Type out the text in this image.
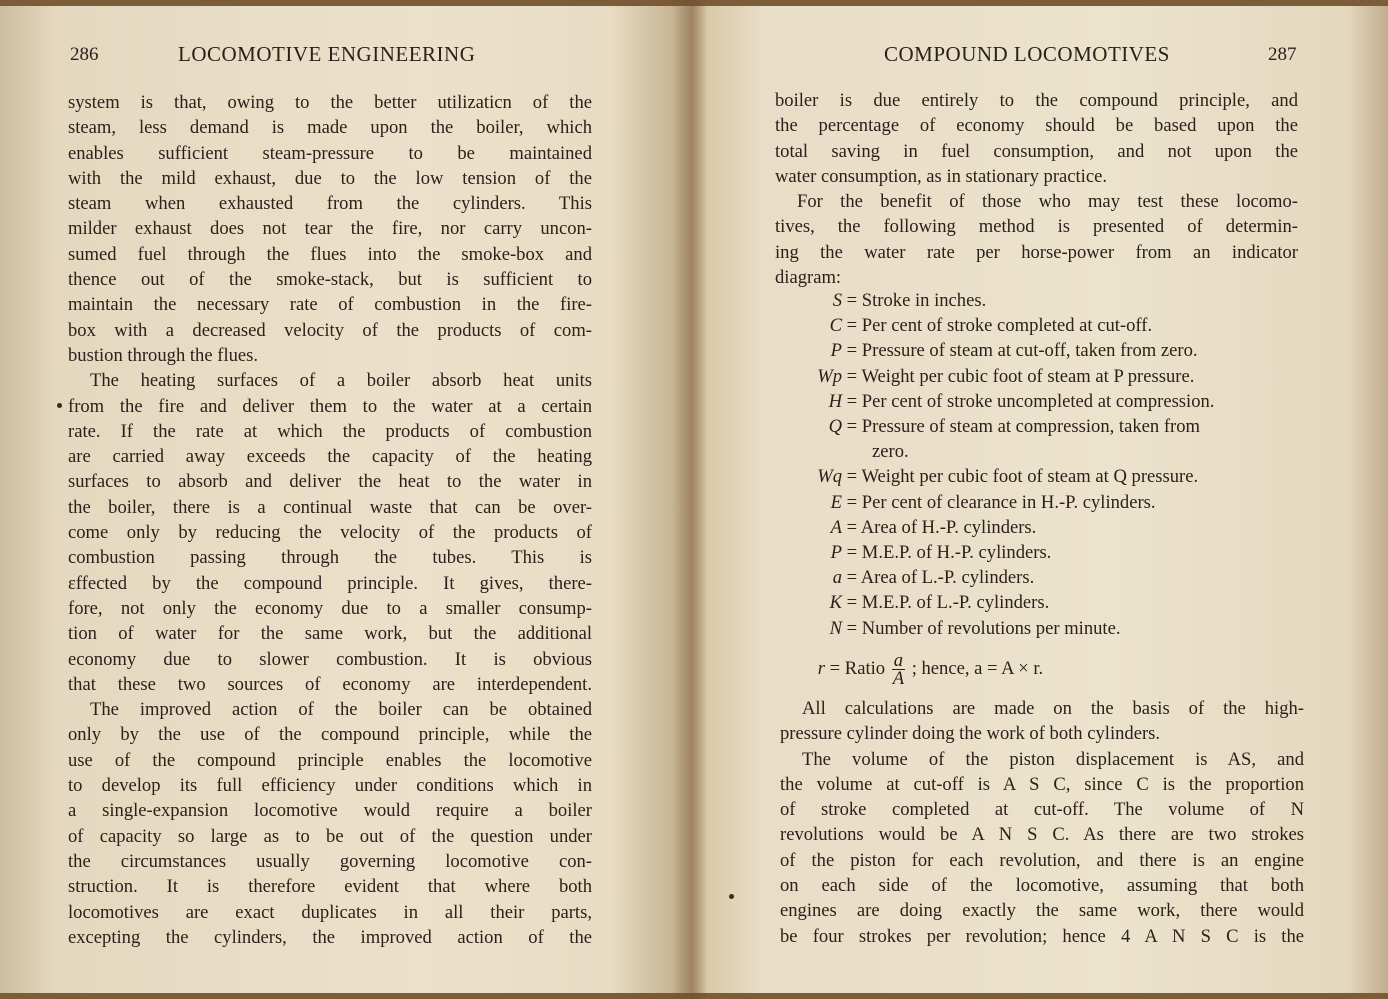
286	LOCOMOTIVE ENGINEERING
system is that, owing to the better utilizaticn of the
steam, less demand is made upon the boiler, which
enables sufficient steam-pressure to be maintained
with the mild exhaust, due to the low tension of the
steam when exhausted from the cylinders. This
milder exhaust does not tear the fire, nor carry uncon-
sumed fuel through the flues into the smoke-box and
thence out of the smoke-stack, but is sufficient to
maintain the necessary rate of combustion in the fire-
box with a decreased velocity of the products of com-
bustion through the flues.
The heating surfaces of a boiler absorb heat units
from the fire and deliver them to the water at a certain
rate. If the rate at which the products of combustion
are carried away exceeds the capacity of the heating
surfaces to absorb and deliver the heat to the water in
the boiler, there is a continual waste that can be over-
come only by reducing the velocity of the products of
combustion passing through the tubes. This is
ɛffected by the compound principle. It gives, there-
fore, not only the economy due to a smaller consump-
tion of water for the same work, but the additional
economy due to slower combustion. It is obvious
that these two sources of economy are interdependent.
The improved action of the boiler can be obtained
only by the use of the compound principle, while the
use of the compound principle enables the locomotive
to develop its full efficiency under conditions which in
a single-expansion locomotive would require a boiler
of capacity so large as to be out of the question under
the circumstances usually governing locomotive con-
struction. It is therefore evident that where both
locomotives are exact duplicates in all their parts,
excepting the cylinders, the improved action of the
COMPOUND LOCOMOTIVES	287
boiler is due entirely to the compound principle, and
the percentage of economy should be based upon the
total saving in fuel consumption, and not upon the
water consumption, as in stationary practice.
For the benefit of those who may test these locomo-
tives, the following method is presented of determin-
ing the water rate per horse-power from an indicator
diagram:
S = Stroke in inches.
C = Per cent of stroke completed at cut-off.
P = Pressure of steam at cut-off, taken from zero.
Wp = Weight per cubic foot of steam at P pressure.
H = Per cent of stroke uncompleted at compression.
Q = Pressure of steam at compression, taken from
zero.
Wq = Weight per cubic foot of steam at Q pressure.
E = Per cent of clearance in H.-P. cylinders.
A = Area of H.-P. cylinders.
P = M.E.P. of H.-P. cylinders.
a = Area of L.-P. cylinders.
K = M.E.P. of L.-P. cylinders.
N = Number of revolutions per minute.
r = Ratio $\frac{a}{A}$ ; hence, a = A × r.
All calculations are made on the basis of the high-
pressure cylinder doing the work of both cylinders.
The volume of the piston displacement is AS, and
the volume at cut-off is A S C, since C is the proportion
of stroke completed at cut-off. The volume of N
revolutions would be A N S C. As there are two strokes
of the piston for each revolution, and there is an engine
on each side of the locomotive, assuming that both
engines are doing exactly the same work, there would
be four strokes per revolution; hence 4 A N S C is the
